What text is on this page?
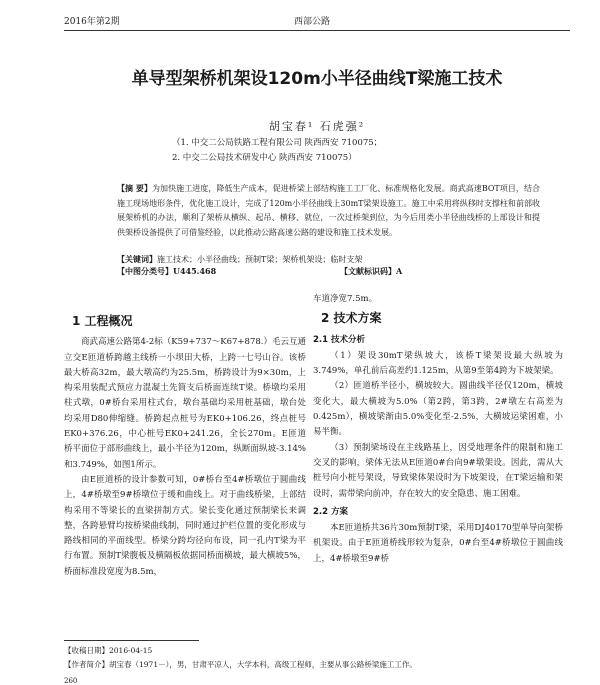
2016年第2期	西部公路
单导型架桥机架设120m小半径曲线T梁施工技术
胡宝春¹ 石虎强²
（1. 中交二公局铁路工程有限公司 陕西西安 710075；
2. 中交二公局技术研发中心 陕西西安 710075）
【摘 要】为加快施工进度，降低生产成本，促进桥梁上部结构施工工厂化、标准规格化发展。商武高速BOT项目，结合施工现场地形条件，优化施工设计，完成了120m小半径曲线上30mT梁架设施工。施工中采用将纵移时支撑柱和前部收展架桥机的办法，顺利了架桥从横纵、起吊、横移、就位，一次过桥架到位，为今后用类小半径曲线桥的上部设计和提供架桥设备提供了可借鉴经验，以此推动公路高速公路的建设和施工技术发展。
【关键词】施工技术；小半径曲线；预制T梁；架桥机架设；临时支架
【中图分类号】U445.468	【文献标识码】A
1 工程概况

商武高速公路第4-2标（K59+737～K67+878.）毛云互通立交E匝道桥跨越主线桥一小坝田大桥，上跨一七号山谷。该桥最大桥高32m，最大墩高约为25.5m，桥跨设计为9×30m，上构采用装配式预应力混凝土先简支后桥面连续T梁。桥墩均采用柱式墩，0#桥台采用柱式台，墩台基础均采用桩基础，墩台处均采用D80伸缩缝。桥跨起点桩号为EK0+106.26，终点桩号EK0+376.26，中心桩号EK0+241.26，全长270m。E匝道桥平面位于部形曲线上，最小半径为120m，纵断面纵坡-3.14%和3.749%，如图1所示。

由E匝道桥的设计参数可知，0#桥台至4#桥墩位于圆曲线上，4#桥墩至9#桥墩位于缓和曲线上。对于曲线桥梁，上部结构采用不等梁长的直梁拼制方式。梁长变化通过预制梁长来调整，各跨悬臂均按桥梁曲线制，同时通过护栏位置的变化形成与路线相同的平面线型。桥梁分跨均径向布设，同一孔内T梁为平行布置。预制T梁腹板及横隔板依据同桥面横坡，最大横坡5%，桥面标准段宽度为8.5m，

车道净宽7.5m。

2 技术方案
2.1 技术分析

（1）架设30mT梁纵坡大，该桥T梁架设最大纵坡为3.749%，单孔前后高差约1.125m，从第9至第4跨为下坡架梁。

（2）匝道桥半径小，横坡较大。圆曲线半径仅120m，横坡变化大，最大横坡为5.0%（第2跨，第3跨，2#墩左右高差为0.425m），横坡梁渐由5.0%变化至-2.5%，大横坡运梁困难，小易半衡。

（3）预制梁场设在主线路基上，因受地理条件的限制和施工交叉的影响，梁体无法从E匝道0#台向9#墩架设。因此，需从大桩号向小桩号架设，导致梁体架设时为下坡架设，在T梁运输和架设时，需带梁向前冲，存在较大的安全隐患、施工困难。

2.2 方案

本E匝道桥共36片30m预制T梁，采用DJ40170型单导向架桥机架设。由于E匝道桥线形较为复杂，0#台至4#桥墩位于圆曲线上，4#桥墩至9#桥

【收稿日期】2016-04-15
【作者简介】胡宝春（1971－），男，甘肃平凉人，大学本科，高级工程师，主要从事公路桥梁施工工作。
260
